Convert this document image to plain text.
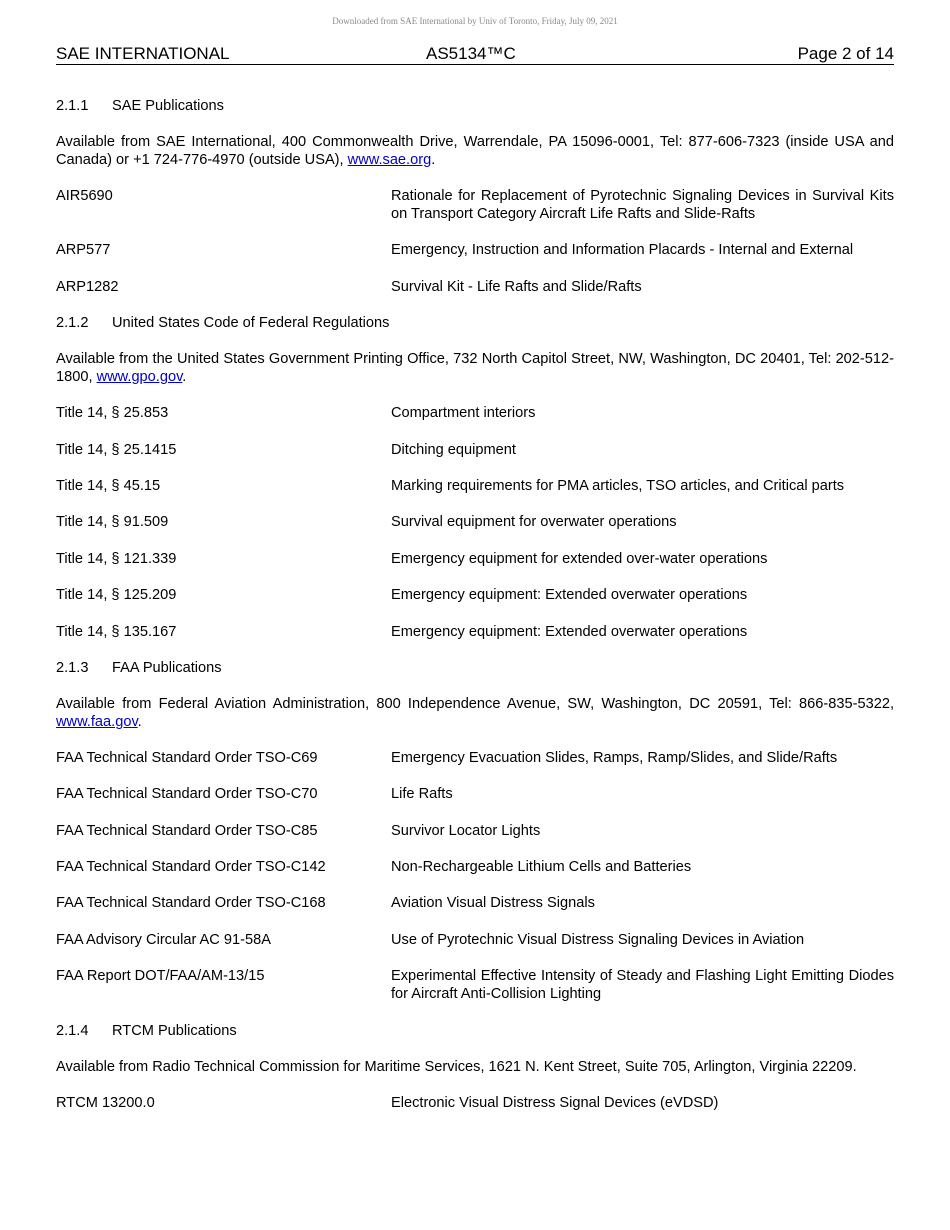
Downloaded from SAE International by Univ of Toronto, Friday, July 09, 2021
SAE INTERNATIONAL	AS5134™C	Page 2 of 14
2.1.1	SAE Publications

Available from SAE International, 400 Commonwealth Drive, Warrendale, PA 15096-0001, Tel: 877-606-7323 (inside USA and Canada) or +1 724-776-4970 (outside USA), www.sae.org.

AIR5690	Rationale for Replacement of Pyrotechnic Signaling Devices in Survival Kits on Transport Category Aircraft Life Rafts and Slide-Rafts
ARP577	Emergency, Instruction and Information Placards - Internal and External
ARP1282	Survival Kit - Life Rafts and Slide/Rafts
2.1.2	United States Code of Federal Regulations

Available from the United States Government Printing Office, 732 North Capitol Street, NW, Washington, DC 20401, Tel: 202-512-1800, www.gpo.gov.

Title 14, § 25.853	Compartment interiors
Title 14, § 25.1415	Ditching equipment
Title 14, § 45.15	Marking requirements for PMA articles, TSO articles, and Critical parts
Title 14, § 91.509	Survival equipment for overwater operations
Title 14, § 121.339	Emergency equipment for extended over-water operations
Title 14, § 125.209	Emergency equipment: Extended overwater operations
Title 14, § 135.167	Emergency equipment: Extended overwater operations
2.1.3	FAA Publications

Available from Federal Aviation Administration, 800 Independence Avenue, SW, Washington, DC 20591, Tel: 866-835-5322, www.faa.gov.

FAA Technical Standard Order TSO-C69	Emergency Evacuation Slides, Ramps, Ramp/Slides, and Slide/Rafts
FAA Technical Standard Order TSO-C70	Life Rafts
FAA Technical Standard Order TSO-C85	Survivor Locator Lights
FAA Technical Standard Order TSO-C142	Non-Rechargeable Lithium Cells and Batteries
FAA Technical Standard Order TSO-C168	Aviation Visual Distress Signals
FAA Advisory Circular AC 91-58A	Use of Pyrotechnic Visual Distress Signaling Devices in Aviation
FAA Report DOT/FAA/AM-13/15	Experimental Effective Intensity of Steady and Flashing Light Emitting Diodes for Aircraft Anti-Collision Lighting
2.1.4	RTCM Publications

Available from Radio Technical Commission for Maritime Services, 1621 N. Kent Street, Suite 705, Arlington, Virginia 22209.

RTCM 13200.0	Electronic Visual Distress Signal Devices (eVDSD)
